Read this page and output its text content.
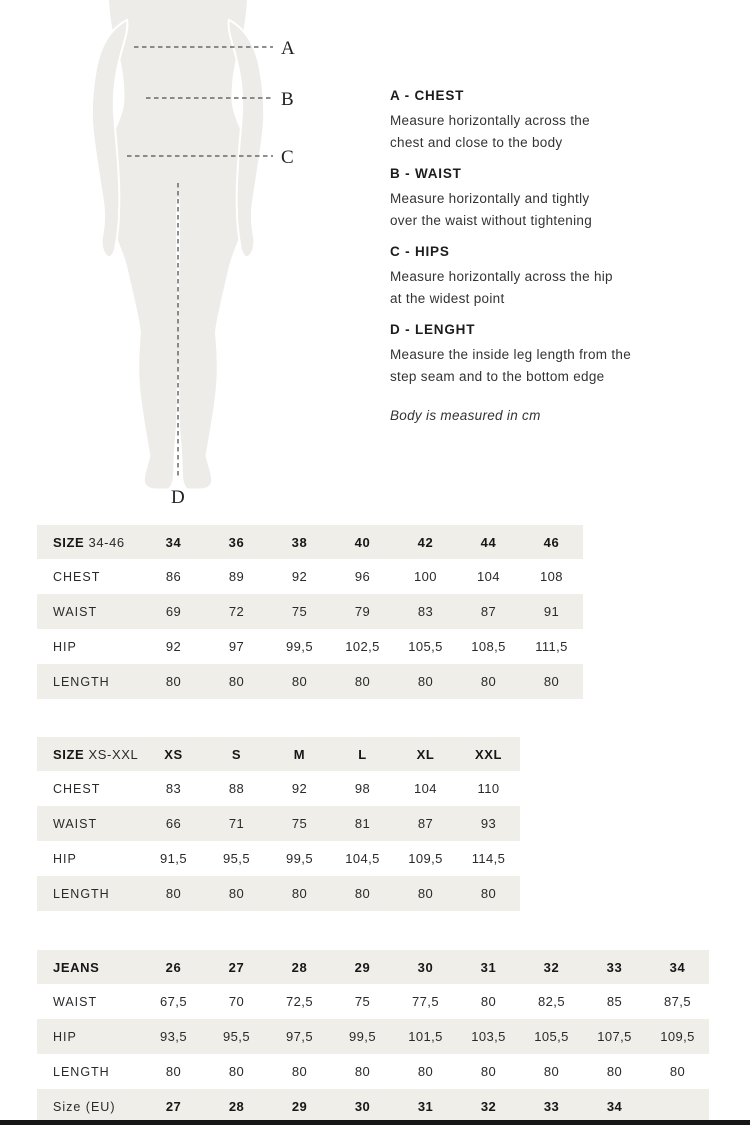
A
B
C
D
A - CHEST
Measure horizontally across the
chest and close to the body
B - WAIST
Measure horizontally and tightly
over the waist without tightening
C - HIPS
Measure horizontally across the hip
at the widest point
D - LENGHT
Measure the inside leg length from the
step seam and to the bottom edge
Body is measured in cm
SIZE 34-46	34	36	38	40	42	44	46
CHEST	86	89	92	96	100	104	108
WAIST	69	72	75	79	83	87	91
HIP	92	97	99,5	102,5	105,5	108,5	111,5
LENGTH	80	80	80	80	80	80	80
SIZE XS-XXL	XS	S	M	L	XL	XXL
CHEST	83	88	92	98	104	110
WAIST	66	71	75	81	87	93
HIP	91,5	95,5	99,5	104,5	109,5	114,5
LENGTH	80	80	80	80	80	80
JEANS	26	27	28	29	30	31	32	33	34
WAIST	67,5	70	72,5	75	77,5	80	82,5	85	87,5
HIP	93,5	95,5	97,5	99,5	101,5	103,5	105,5	107,5	109,5
LENGTH	80	80	80	80	80	80	80	80	80
Size (EU)	27	28	29	30	31	32	33	34	
